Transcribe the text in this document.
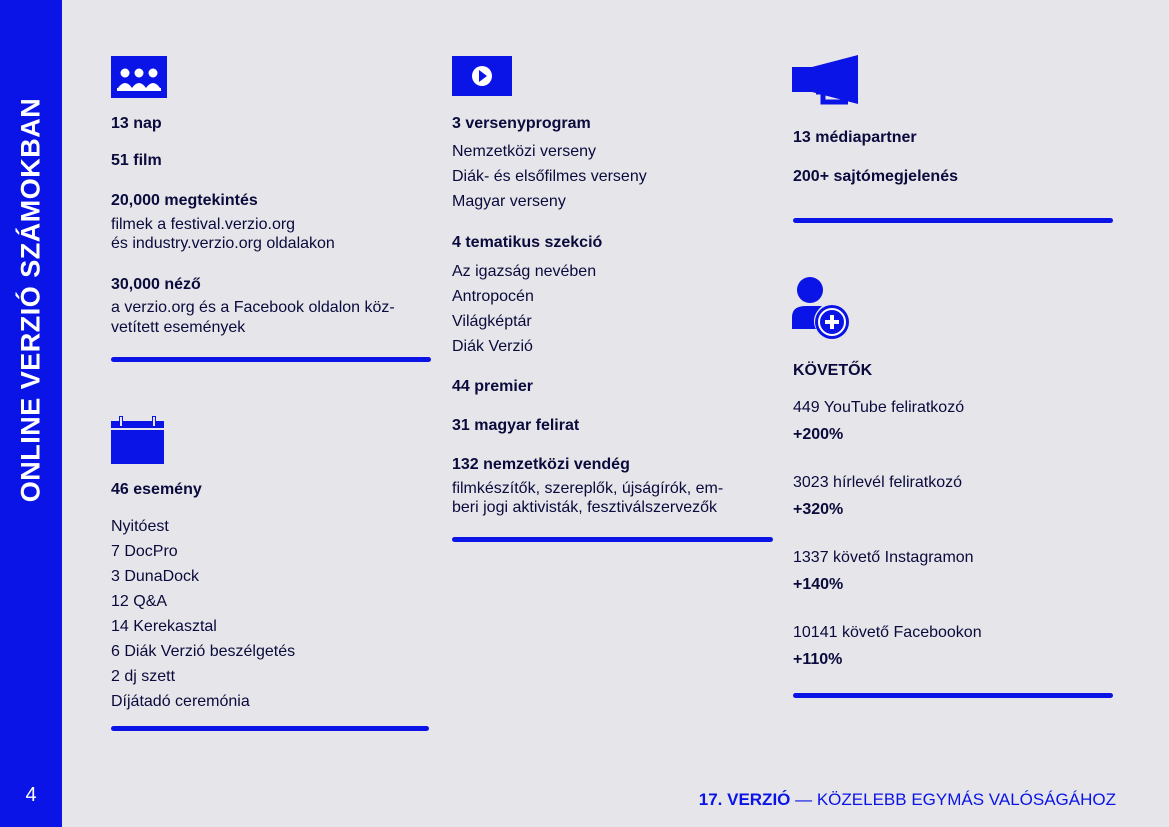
ONLINE VERZIÓ SZÁMOKBAN
4
13 nap
51 film
20,000 megtekintés
filmek a festival.verzio.org
és industry.verzio.org oldalakon
30,000 néző
a verzio.org és a Facebook oldalon köz-
vetített események
46 esemény
Nyitóest
7 DocPro
3 DunaDock
12 Q&A
14 Kerekasztal
6 Diák Verzió beszélgetés
2 dj szett
Díjátadó ceremónia
3 versenyprogram
Nemzetközi verseny
Diák- és elsőfilmes verseny
Magyar verseny
4 tematikus szekció
Az igazság nevében
Antropocén
Világképtár
Diák Verzió
44 premier
31 magyar felirat
132 nemzetközi vendég
filmkészítők, szereplők, újságírók, em-
beri jogi aktivisták, fesztiválszervezők
13 médiapartner
200+ sajtómegjelenés
KÖVETŐK
449 YouTube feliratkozó
+200%
3023 hírlevél feliratkozó
+320%
1337 követő Instagramon
+140%
10141 követő Facebookon
+110%
17. VERZIÓ — KÖZELEBB EGYMÁS VALÓSÁGÁHOZ
